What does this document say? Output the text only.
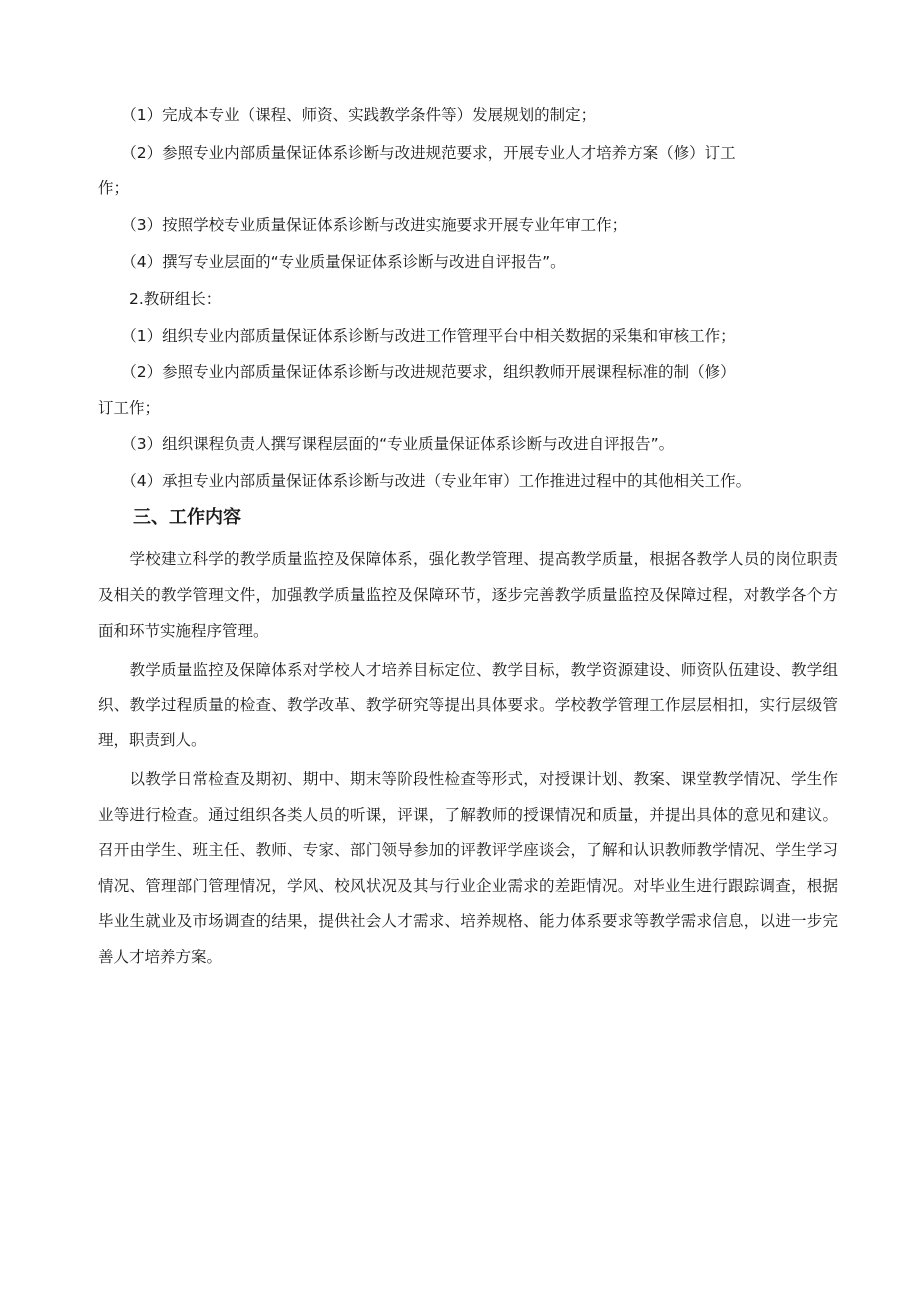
　　（1）完成本专业（课程、师资、实践教学条件等）发展规划的制定；
　　（2）参照专业内部质量保证体系诊断与改进规范要求，开展专业人才培养方案（修）订工
作；
　　（3）按照学校专业质量保证体系诊断与改进实施要求开展专业年审工作；
　　（4）撰写专业层面的“专业质量保证体系诊断与改进自评报告”。
　　2.教研组长：
　　（1）组织专业内部质量保证体系诊断与改进工作管理平台中相关数据的采集和审核工作；
　　（2）参照专业内部质量保证体系诊断与改进规范要求，组织教师开展课程标准的制（修）
订工作；
　　（3）组织课程负责人撰写课程层面的“专业质量保证体系诊断与改进自评报告”。
　　（4）承担专业内部质量保证体系诊断与改进（专业年审）工作推进过程中的其他相关工作。
三、工作内容
　　学校建立科学的教学质量监控及保障体系，强化教学管理、提高教学质量，根据各教学人员的岗位职责及相关的教学管理文件，加强教学质量监控及保障环节，逐步完善教学质量监控及保障过程，对教学各个方面和环节实施程序管理。
　　教学质量监控及保障体系对学校人才培养目标定位、教学目标，教学资源建设、师资队伍建设、教学组织、教学过程质量的检查、教学改革、教学研究等提出具体要求。学校教学管理工作层层相扣，实行层级管理，职责到人。
　　以教学日常检查及期初、期中、期末等阶段性检查等形式，对授课计划、教案、课堂教学情况、学生作业等进行检查。通过组织各类人员的听课，评课，了解教师的授课情况和质量，并提出具体的意见和建议。召开由学生、班主任、教师、专家、部门领导参加的评教评学座谈会，了解和认识教师教学情况、学生学习情况、管理部门管理情况，学风、校风状况及其与行业企业需求的差距情况。对毕业生进行跟踪调查，根据毕业生就业及市场调查的结果，提供社会人才需求、培养规格、能力体系要求等教学需求信息，以进一步完善人才培养方案。
